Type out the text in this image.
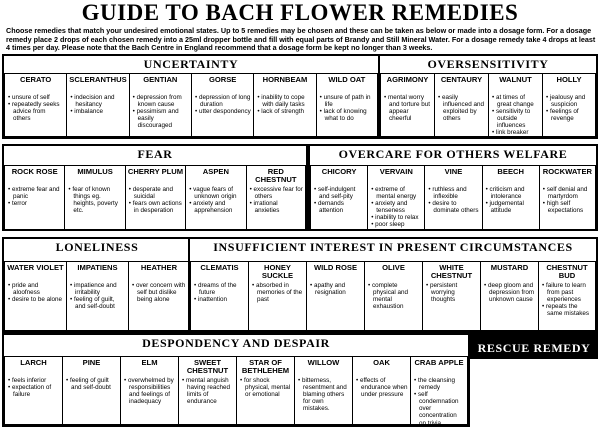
GUIDE TO BACH FLOWER REMEDIES
Choose remedies that match your undesired emotional states. Up to 5 remedies may be chosen and these can be taken as below or made into a dosage form. For a dosage remedy place 2 drops of each chosen remedy into a 25ml dropper bottle and fill with equal parts of Brandy and Still Mineral Water. For a dosage remedy take 4 drops at least 4 times per day. Please note that the Bach Centre in England recommend that a dosage form be kept no longer than 3 weeks.
UNCERTAINTY
CERATO
• unsure of self
• repeatedly seeks advice from others
SCLERANTHUS
• indecision and hesitancy
• imbalance
GENTIAN
• depression from known cause
• pessimism and easily discouraged
GORSE
• depression of long duration
• utter despondency
HORNBEAM
• inability to cope with daily tasks
• lack of strength
WILD OAT
• unsure of path in life
• lack of knowing what to do
OVERSENSITIVITY
AGRIMONY
• mental worry and torture but appear cheerful
CENTAURY
• easily influenced and exploited by others
WALNUT
• at times of great change
• sensitivity to outside influences
• link breaker
HOLLY
• jealousy and suspicion
• feelings of revenge
FEAR
ROCK ROSE
• extreme fear and panic
• terror
MIMULUS
• fear of known things eg. heights, poverty etc.
CHERRY PLUM
• desperate and suicidal
• fears own actions in desperation
ASPEN
• vague fears of unknown origin
• anxiety and apprehension
RED CHESTNUT
• excessive fear for others
• irrational anxieties
OVERCARE FOR OTHERS WELFARE
CHICORY
• self-indulgent and self-pity
• demands attention
VERVAIN
• extreme of mental energy
• anxiety and tenseness
• inability to relax
• poor sleep
VINE
• ruthless and inflexible
• desire to dominate others
BEECH
• criticism and intolerance
• judgemental attitude
ROCKWATER
• self denial and martyrdom
• high self expectations
LONELINESS
WATER VIOLET
• pride and aloofness
• desire to be alone
IMPATIENS
• impatience and irritability
• feeling of guilt, and self-doubt
HEATHER
• over concern with self but dislike being alone
INSUFFICIENT INTEREST IN PRESENT CIRCUMSTANCES
CLEMATIS
• dreams of the future
• inattention
HONEY SUCKLE
• absorbed in memories of the past
WILD ROSE
• apathy and resignation
OLIVE
• complete physical and mental exhaustion
WHITE CHESTNUT
• persistent worrying thoughts
MUSTARD
• deep gloom and depression from unknown cause
CHESTNUT BUD
• failure to learn from past experiences
• repeats the same mistakes
DESPONDENCY AND DESPAIR
LARCH
• feels inferior
• expectation of failure
PINE
• feeling of guilt and self-doubt
ELM
• overwhelmed by responsibilities and feelings of inadequacy
SWEET CHESTNUT
• mental anguish having reached limits of endurance
STAR OF BETHLEHEM
• for shock physical, mental or emotional
WILLOW
• bitterness, resentment and blaming others for own mistakes.
OAK
• effects of endurance when under pressure
CRAB APPLE
• the cleansing remedy
• self condemnation over concentration on trivia.
RESCUE REMEDY
